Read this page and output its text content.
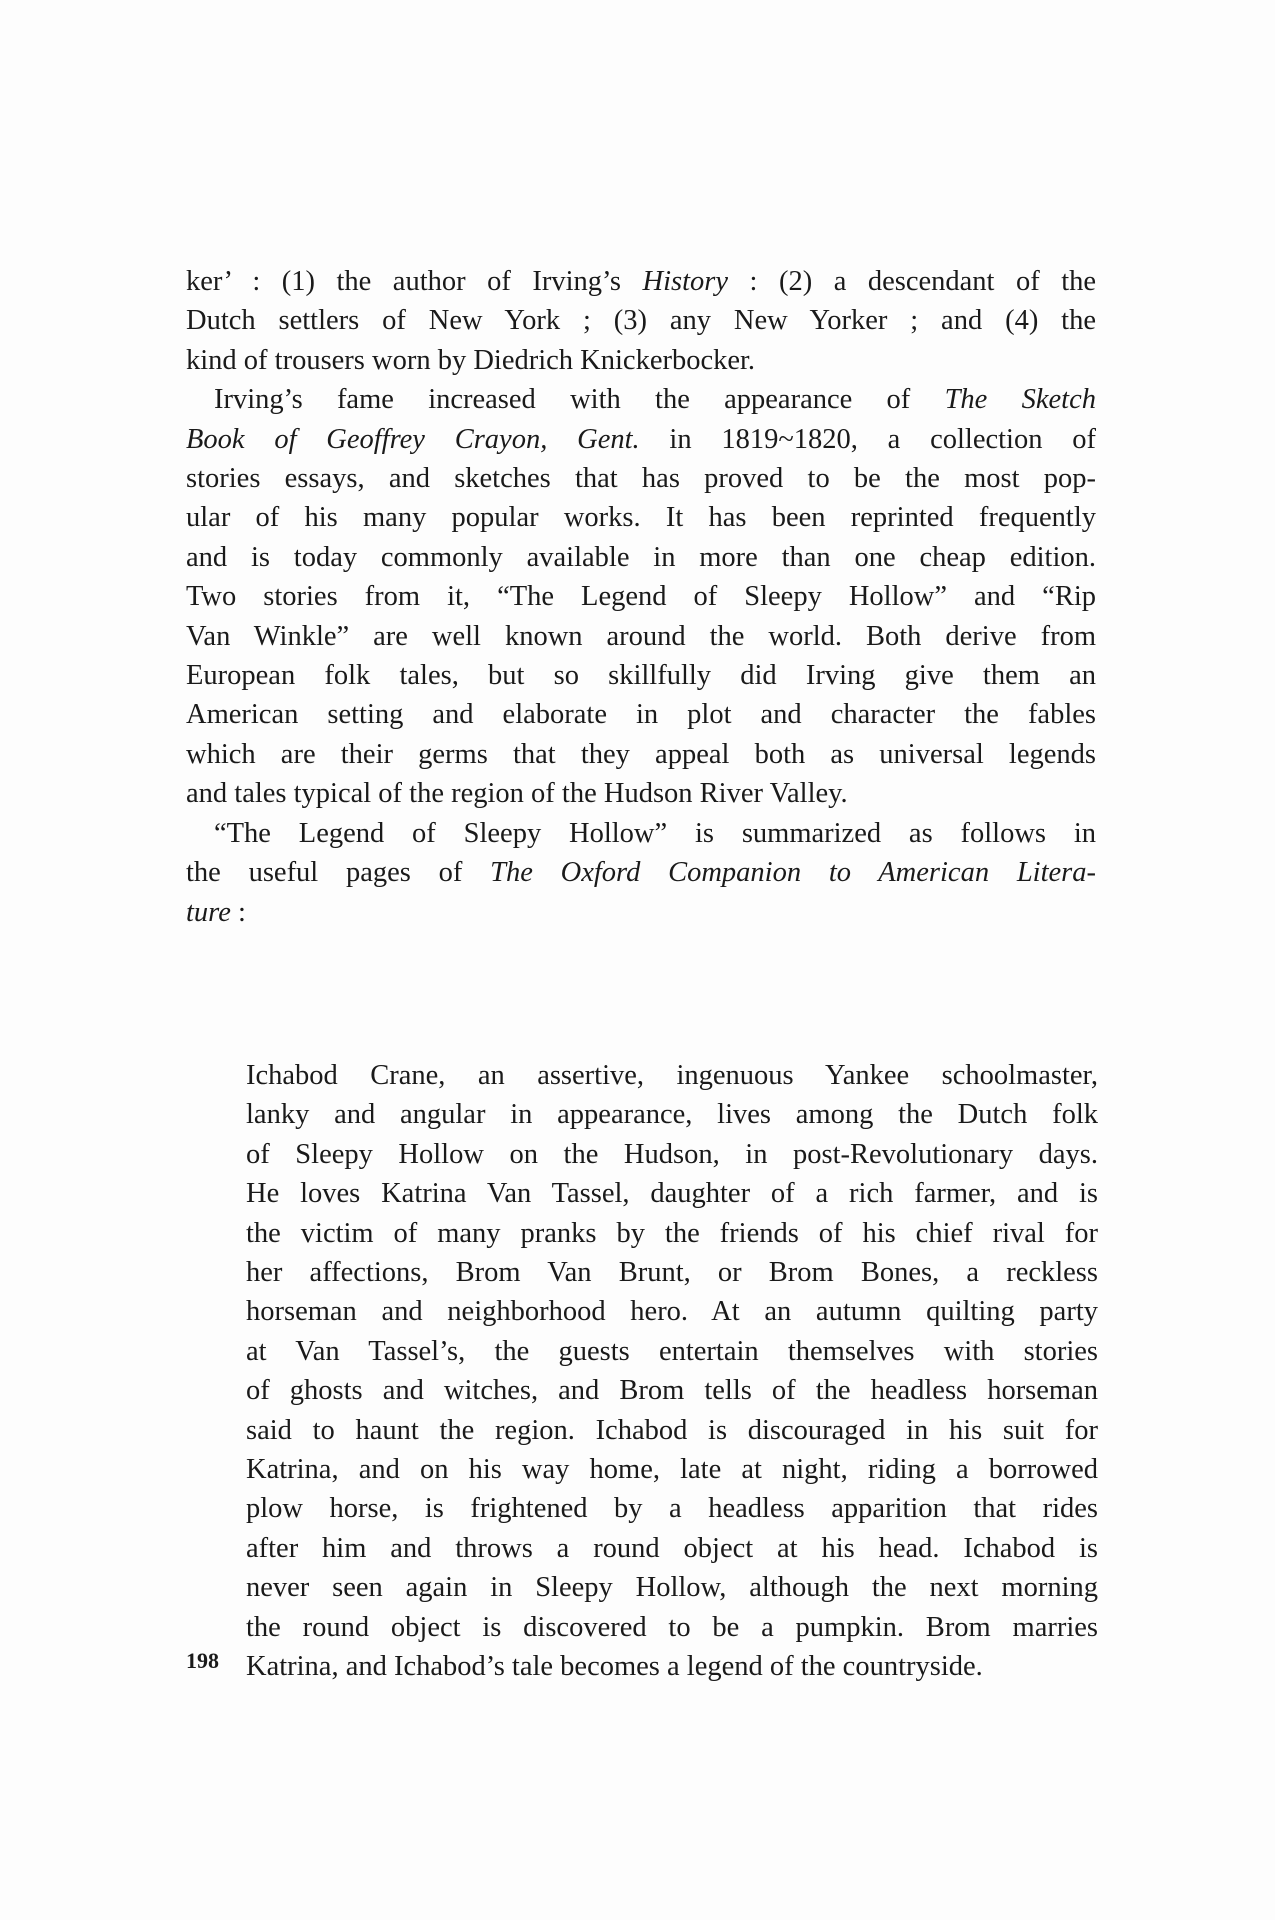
ker’ : (1) the author of Irving’s History : (2) a descendant of the
Dutch settlers of New York ; (3) any New Yorker ; and (4) the
kind of trousers worn by Diedrich Knickerbocker.
Irving’s fame increased with the appearance of The Sketch
Book of Geoffrey Crayon, Gent. in 1819~1820, a collection of
stories essays, and sketches that has proved to be the most pop-
ular of his many popular works. It has been reprinted frequently
and is today commonly available in more than one cheap edition.
Two stories from it, “The Legend of Sleepy Hollow” and “Rip
Van Winkle” are well known around the world. Both derive from
European folk tales, but so skillfully did Irving give them an
American setting and elaborate in plot and character the fables
which are their germs that they appeal both as universal legends
and tales typical of the region of the Hudson River Valley.
“The Legend of Sleepy Hollow” is summarized as follows in
the useful pages of The Oxford Companion to American Litera-
ture :
Ichabod Crane, an assertive, ingenuous Yankee schoolmaster,
lanky and angular in appearance, lives among the Dutch folk
of Sleepy Hollow on the Hudson, in post-Revolutionary days.
He loves Katrina Van Tassel, daughter of a rich farmer, and is
the victim of many pranks by the friends of his chief rival for
her affections, Brom Van Brunt, or Brom Bones, a reckless
horseman and neighborhood hero. At an autumn quilting party
at Van Tassel’s, the guests entertain themselves with stories
of ghosts and witches, and Brom tells of the headless horseman
said to haunt the region. Ichabod is discouraged in his suit for
Katrina, and on his way home, late at night, riding a borrowed
plow horse, is frightened by a headless apparition that rides
after him and throws a round object at his head. Ichabod is
never seen again in Sleepy Hollow, although the next morning
the round object is discovered to be a pumpkin. Brom marries
Katrina, and Ichabod’s tale becomes a legend of the countryside.
198
